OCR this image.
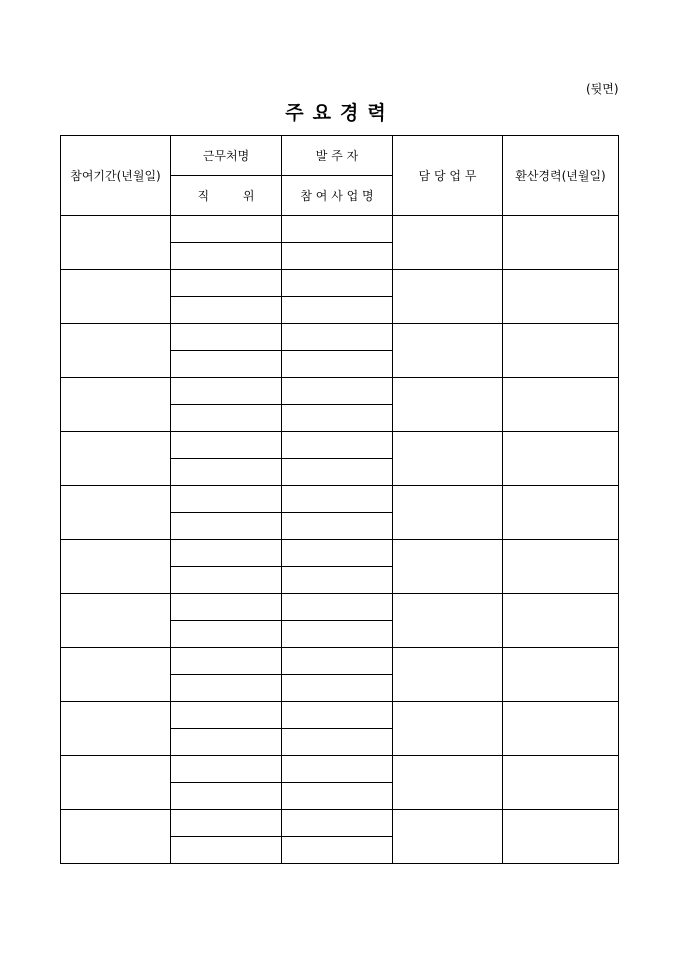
(뒷면)
주요경력
참여기간(년월일)	근무처명	발 주 자	담 당 업 무	환산경력(년월일)
	직 위	참 여 사 업 명		
